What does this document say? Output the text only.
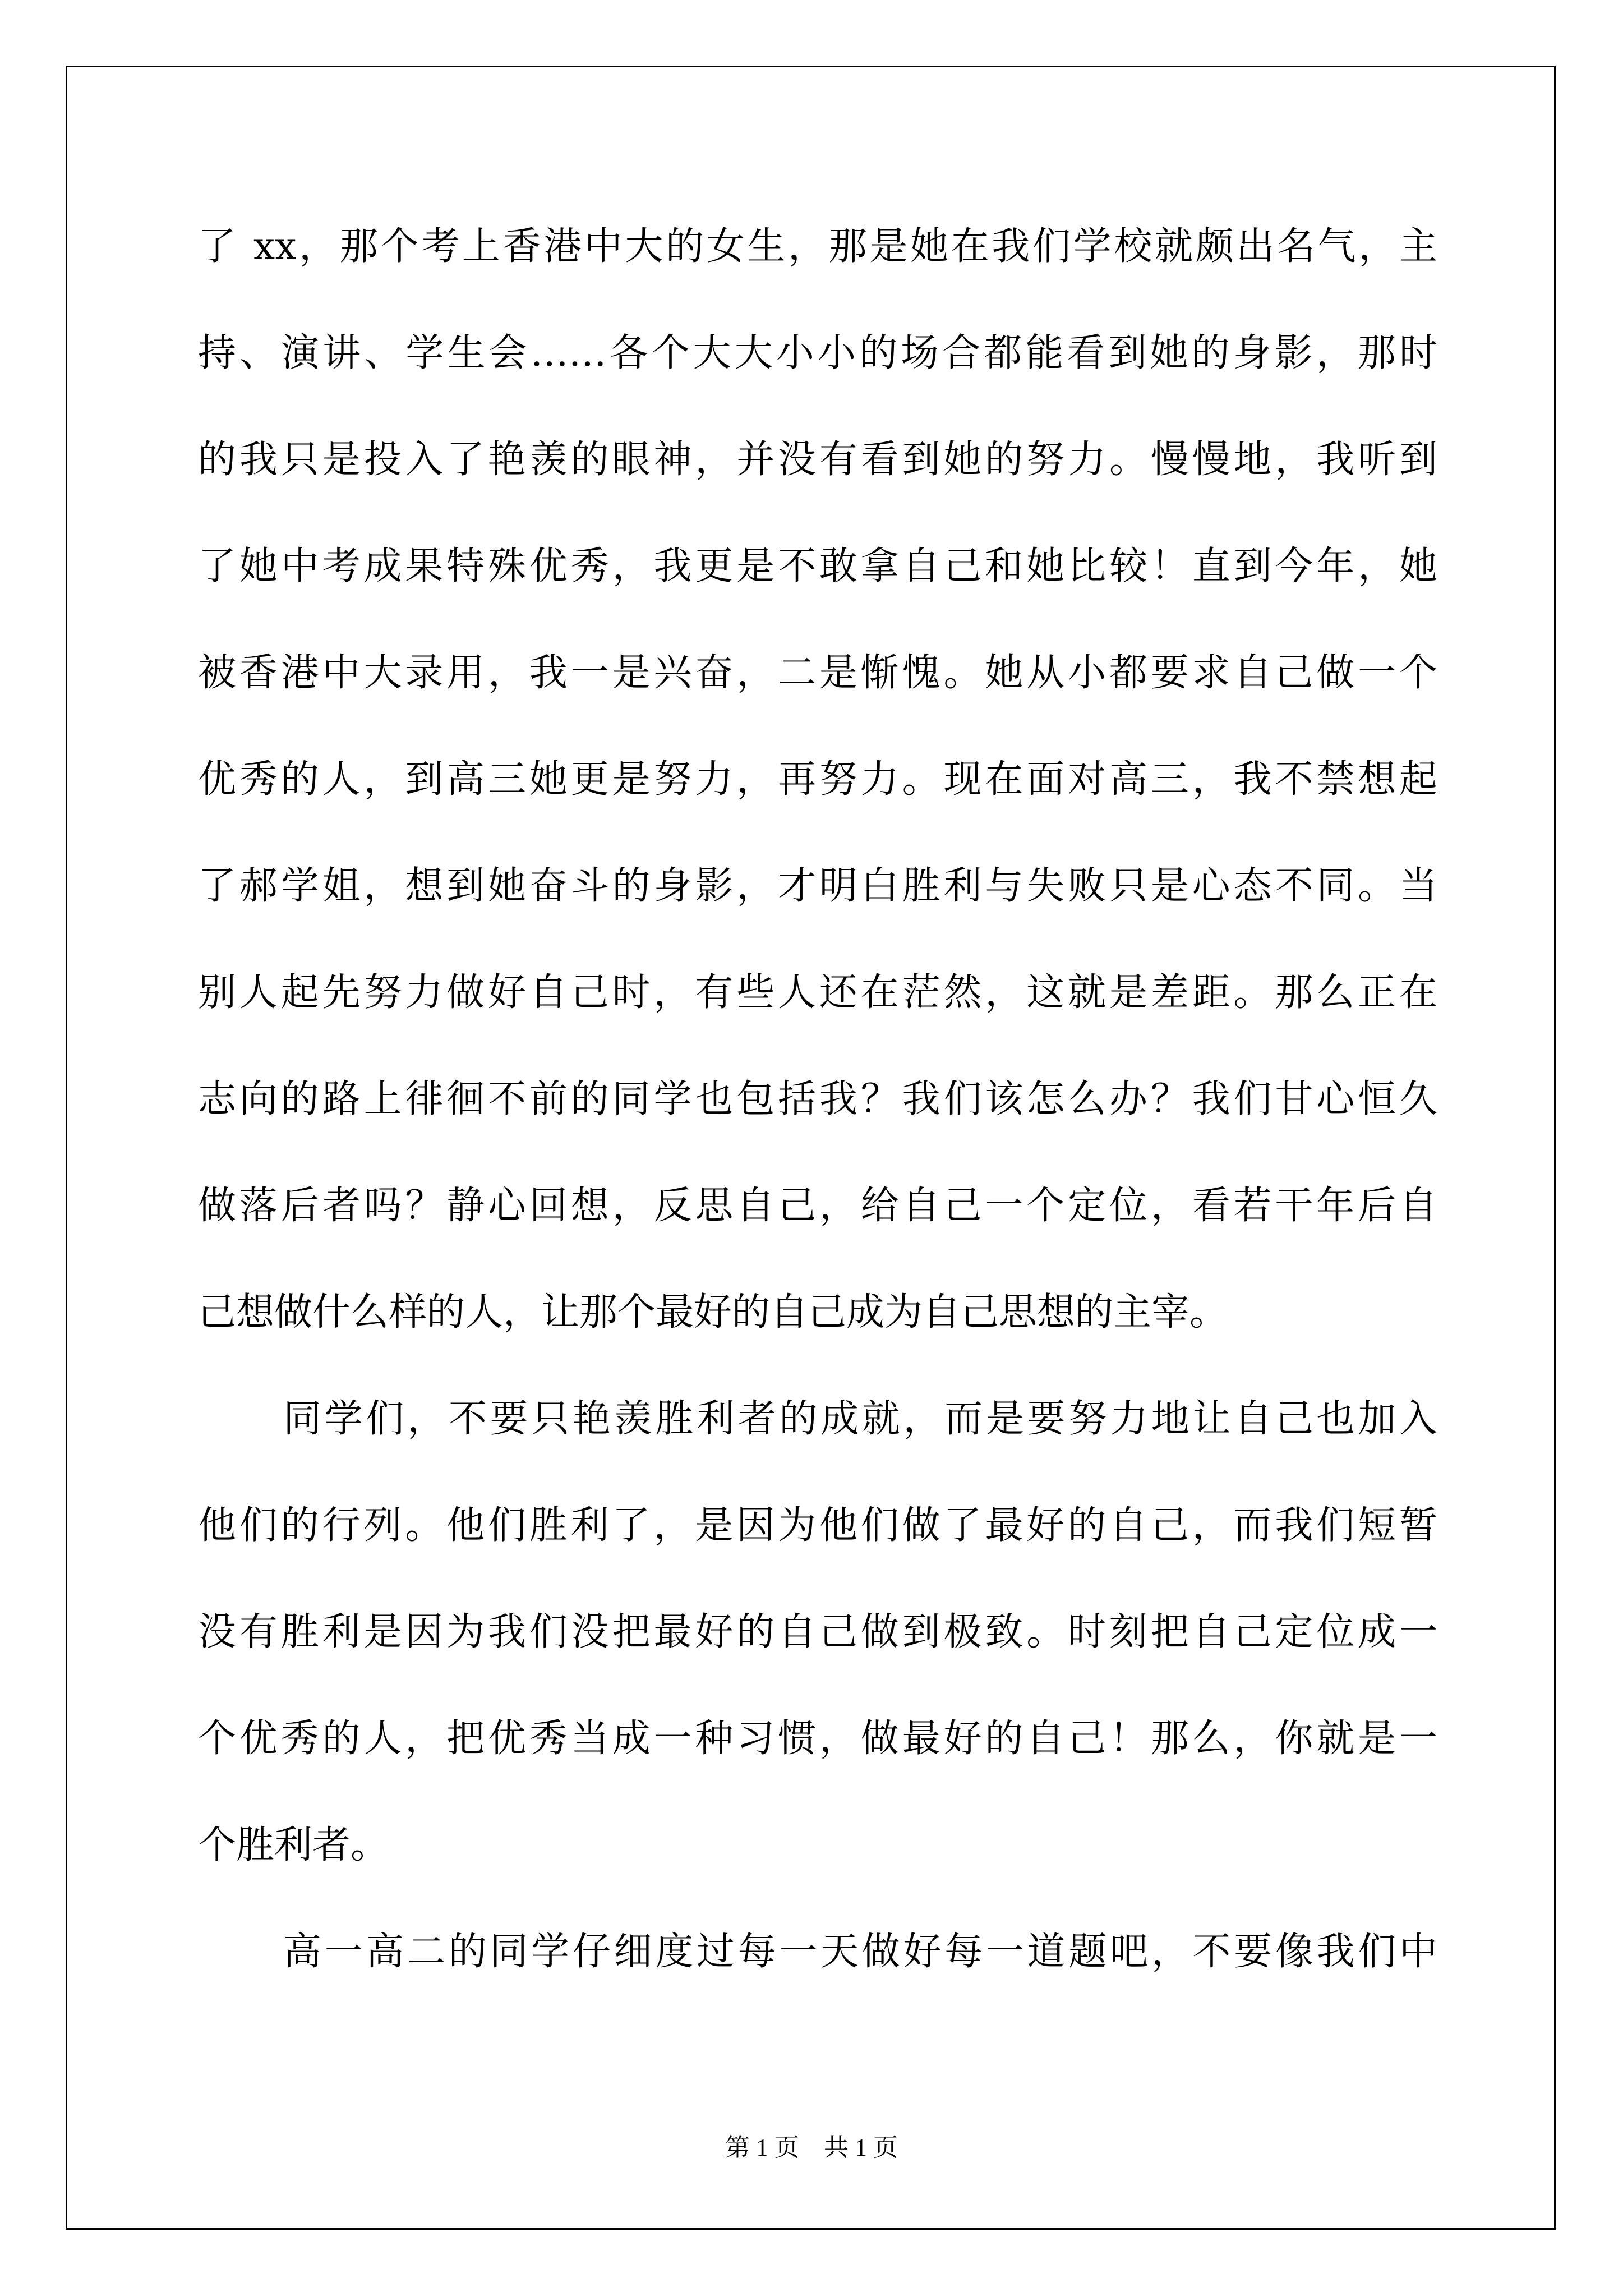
了 xx，那个考上香港中大的女生，那是她在我们学校就颇出名气，主
持、演讲、学生会……各个大大小小的场合都能看到她的身影，那时
的我只是投入了艳羡的眼神，并没有看到她的努力。慢慢地，我听到
了她中考成果特殊优秀，我更是不敢拿自己和她比较！直到今年，她
被香港中大录用，我一是兴奋，二是惭愧。她从小都要求自己做一个
优秀的人，到高三她更是努力，再努力。现在面对高三，我不禁想起
了郝学姐，想到她奋斗的身影，才明白胜利与失败只是心态不同。当
别人起先努力做好自己时，有些人还在茫然，这就是差距。那么正在
志向的路上徘徊不前的同学也包括我？我们该怎么办？我们甘心恒久
做落后者吗？静心回想，反思自己，给自己一个定位，看若干年后自
己想做什么样的人，让那个最好的自己成为自己思想的主宰。
同学们，不要只艳羡胜利者的成就，而是要努力地让自己也加入
他们的行列。他们胜利了，是因为他们做了最好的自己，而我们短暂
没有胜利是因为我们没把最好的自己做到极致。时刻把自己定位成一
个优秀的人，把优秀当成一种习惯，做最好的自己！那么，你就是一
个胜利者。
高一高二的同学仔细度过每一天做好每一道题吧，不要像我们中
第 1 页    共 1 页
